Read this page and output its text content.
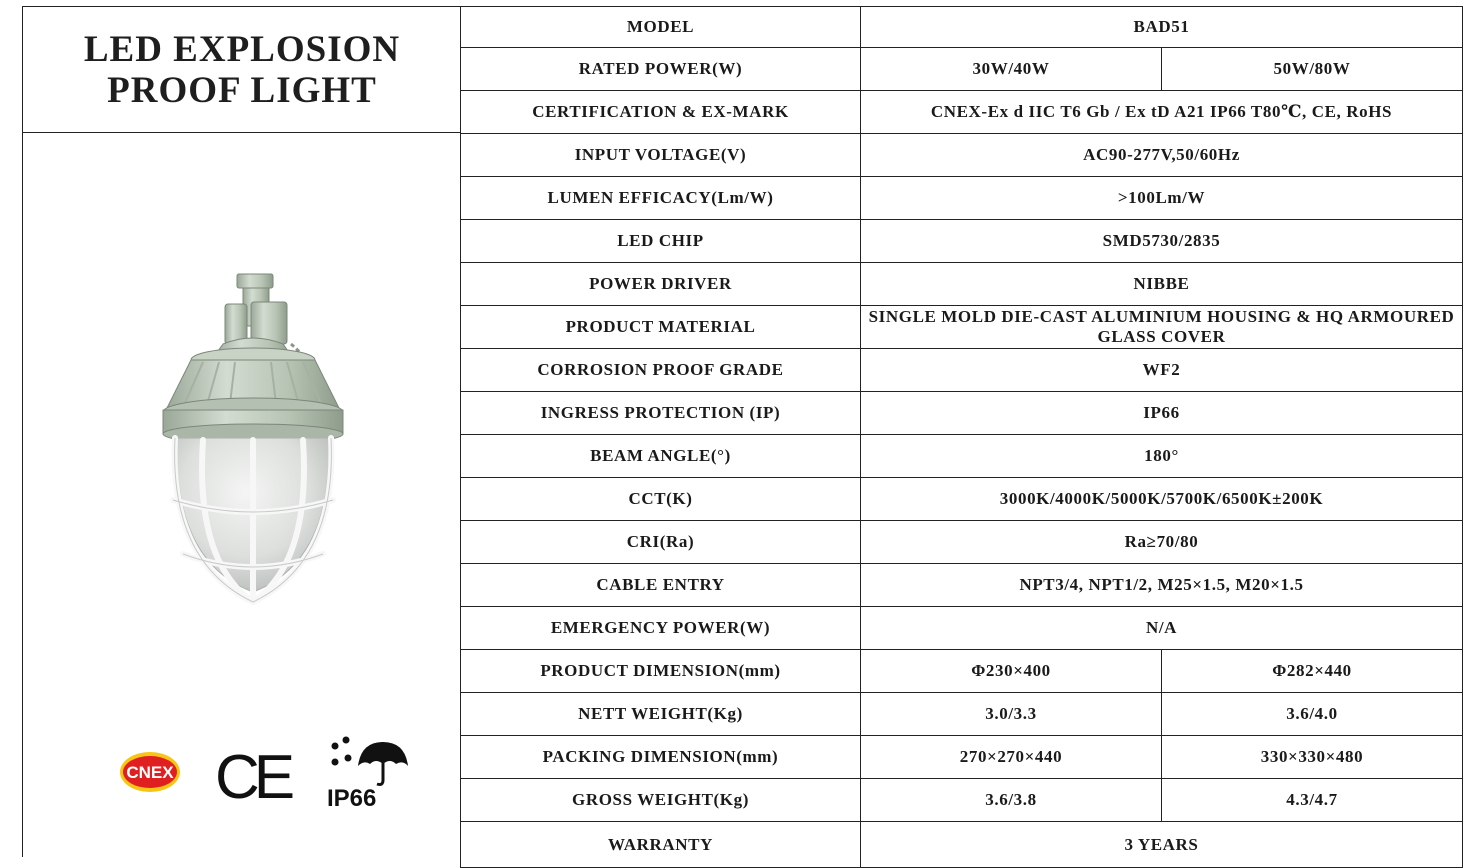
LED EXPLOSION
PROOF LIGHT
CNEX CE IP66
MODEL	BAD51	
RATED POWER(W)	30W/40W	50W/80W
CERTIFICATION & EX-MARK	CNEX-Ex d IIC T6 Gb / Ex tD A21 IP66 T80℃, CE, RoHS	
INPUT VOLTAGE(V)	AC90-277V,50/60Hz	
LUMEN EFFICACY(Lm/W)	>100Lm/W	
LED CHIP	SMD5730/2835	
POWER DRIVER	NIBBE	
PRODUCT MATERIAL	SINGLE MOLD DIE-CAST ALUMINIUM HOUSING & HQ ARMOURED GLASS COVER	
CORROSION PROOF GRADE	WF2	
INGRESS PROTECTION (IP)	IP66	
BEAM ANGLE(°)	180°	
CCT(K)	3000K/4000K/5000K/5700K/6500K±200K	
CRI(Ra)	Ra≥70/80	
CABLE ENTRY	NPT3/4, NPT1/2, M25×1.5, M20×1.5	
EMERGENCY POWER(W)	N/A	
PRODUCT DIMENSION(mm)	Φ230×400	Φ282×440
NETT WEIGHT(Kg)	3.0/3.3	3.6/4.0
PACKING DIMENSION(mm)	270×270×440	330×330×480
GROSS WEIGHT(Kg)	3.6/3.8	4.3/4.7
WARRANTY	3 YEARS	
